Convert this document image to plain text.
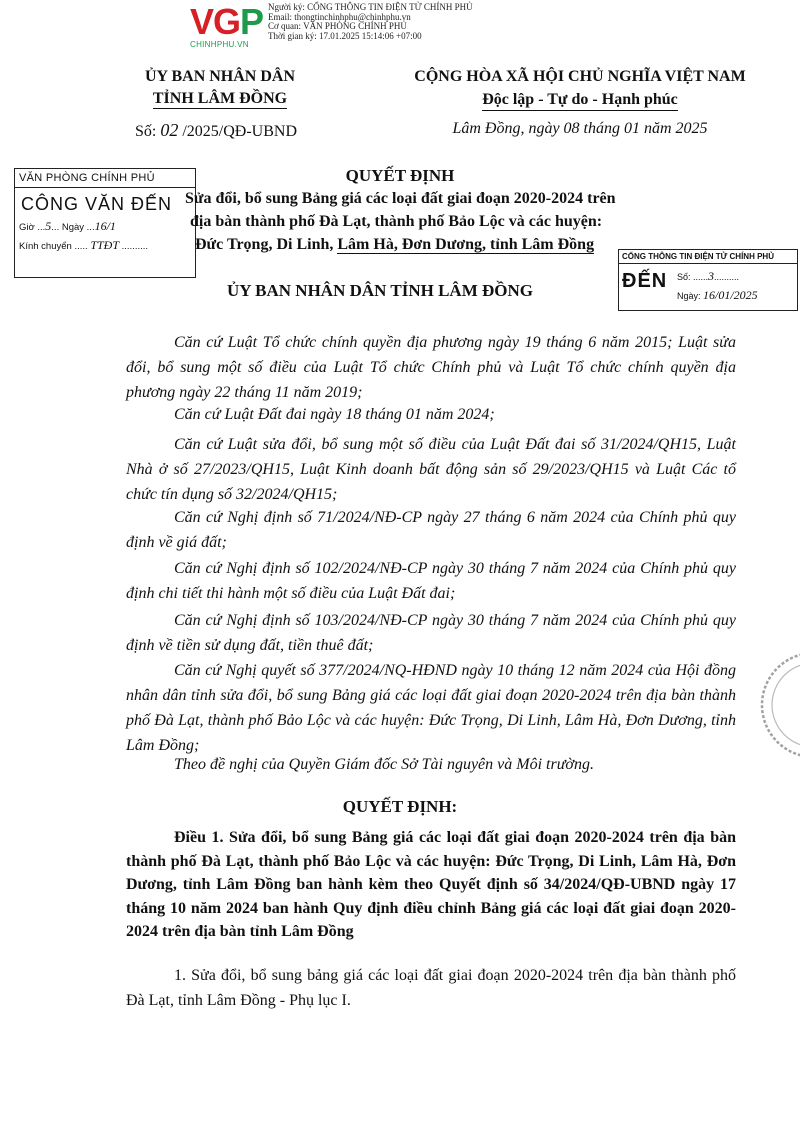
VGP
CHINHPHU.VN
Người ký: CỔNG THÔNG TIN ĐIỆN TỬ CHÍNH PHỦ
Email: thongtinchinhphu@chinhphu.vn
Cơ quan: VĂN PHÒNG CHÍNH PHỦ
Thời gian ký: 17.01.2025 15:14:06 +07:00
ỦY BAN NHÂN DÂN
TỈNH LÂM ĐỒNG
Số: 02 /2025/QĐ-UBND
CỘNG HÒA XÃ HỘI CHỦ NGHĨA VIỆT NAM
Độc lập - Tự do - Hạnh phúc
Lâm Đồng, ngày 08 tháng 01 năm 2025
VĂN PHÒNG CHÍNH PHỦ
CÔNG VĂN ĐẾN
Giờ ...5... Ngày ...16/1
Kính chuyển ..... TTĐT ..........
CỔNG THÔNG TIN ĐIỆN TỬ CHÍNH PHỦ
ĐẾN Số: ......3..........
Ngày: 16/01/2025
QUYẾT ĐỊNH
Sửa đổi, bổ sung Bảng giá các loại đất giai đoạn 2020-2024 trên
địa bàn thành phố Đà Lạt, thành phố Bảo Lộc và các huyện:
Đức Trọng, Di Linh, Lâm Hà, Đơn Dương, tỉnh Lâm Đồng
ỦY BAN NHÂN DÂN TỈNH LÂM ĐỒNG

Căn cứ Luật Tổ chức chính quyền địa phương ngày 19 tháng 6 năm 2015; Luật sửa đổi, bổ sung một số điều của Luật Tổ chức Chính phủ và Luật Tổ chức chính quyền địa phương ngày 22 tháng 11 năm 2019;

Căn cứ Luật Đất đai ngày 18 tháng 01 năm 2024;

Căn cứ Luật sửa đổi, bổ sung một số điều của Luật Đất đai số 31/2024/QH15, Luật Nhà ở số 27/2023/QH15, Luật Kinh doanh bất động sản số 29/2023/QH15 và Luật Các tổ chức tín dụng số 32/2024/QH15;

Căn cứ Nghị định số 71/2024/NĐ-CP ngày 27 tháng 6 năm 2024 của Chính phủ quy định về giá đất;

Căn cứ Nghị định số 102/2024/NĐ-CP ngày 30 tháng 7 năm 2024 của Chính phủ quy định chi tiết thi hành một số điều của Luật Đất đai;

Căn cứ Nghị định số 103/2024/NĐ-CP ngày 30 tháng 7 năm 2024 của Chính phủ quy định về tiền sử dụng đất, tiền thuê đất;

Căn cứ Nghị quyết số 377/2024/NQ-HĐND ngày 10 tháng 12 năm 2024 của Hội đồng nhân dân tỉnh sửa đổi, bổ sung Bảng giá các loại đất giai đoạn 2020-2024 trên địa bàn thành phố Đà Lạt, thành phố Bảo Lộc và các huyện: Đức Trọng, Di Linh, Lâm Hà, Đơn Dương, tỉnh Lâm Đồng;

Theo đề nghị của Quyền Giám đốc Sở Tài nguyên và Môi trường.

QUYẾT ĐỊNH:

Điều 1. Sửa đổi, bổ sung Bảng giá các loại đất giai đoạn 2020-2024 trên địa bàn thành phố Đà Lạt, thành phố Bảo Lộc và các huyện: Đức Trọng, Di Linh, Lâm Hà, Đơn Dương, tỉnh Lâm Đồng ban hành kèm theo Quyết định số 34/2024/QĐ-UBND ngày 17 tháng 10 năm 2024 ban hành Quy định điều chỉnh Bảng giá các loại đất giai đoạn 2020-2024 trên địa bàn tỉnh Lâm Đồng

1. Sửa đổi, bổ sung bảng giá các loại đất giai đoạn 2020-2024 trên địa bàn thành phố Đà Lạt, tỉnh Lâm Đồng - Phụ lục I.
